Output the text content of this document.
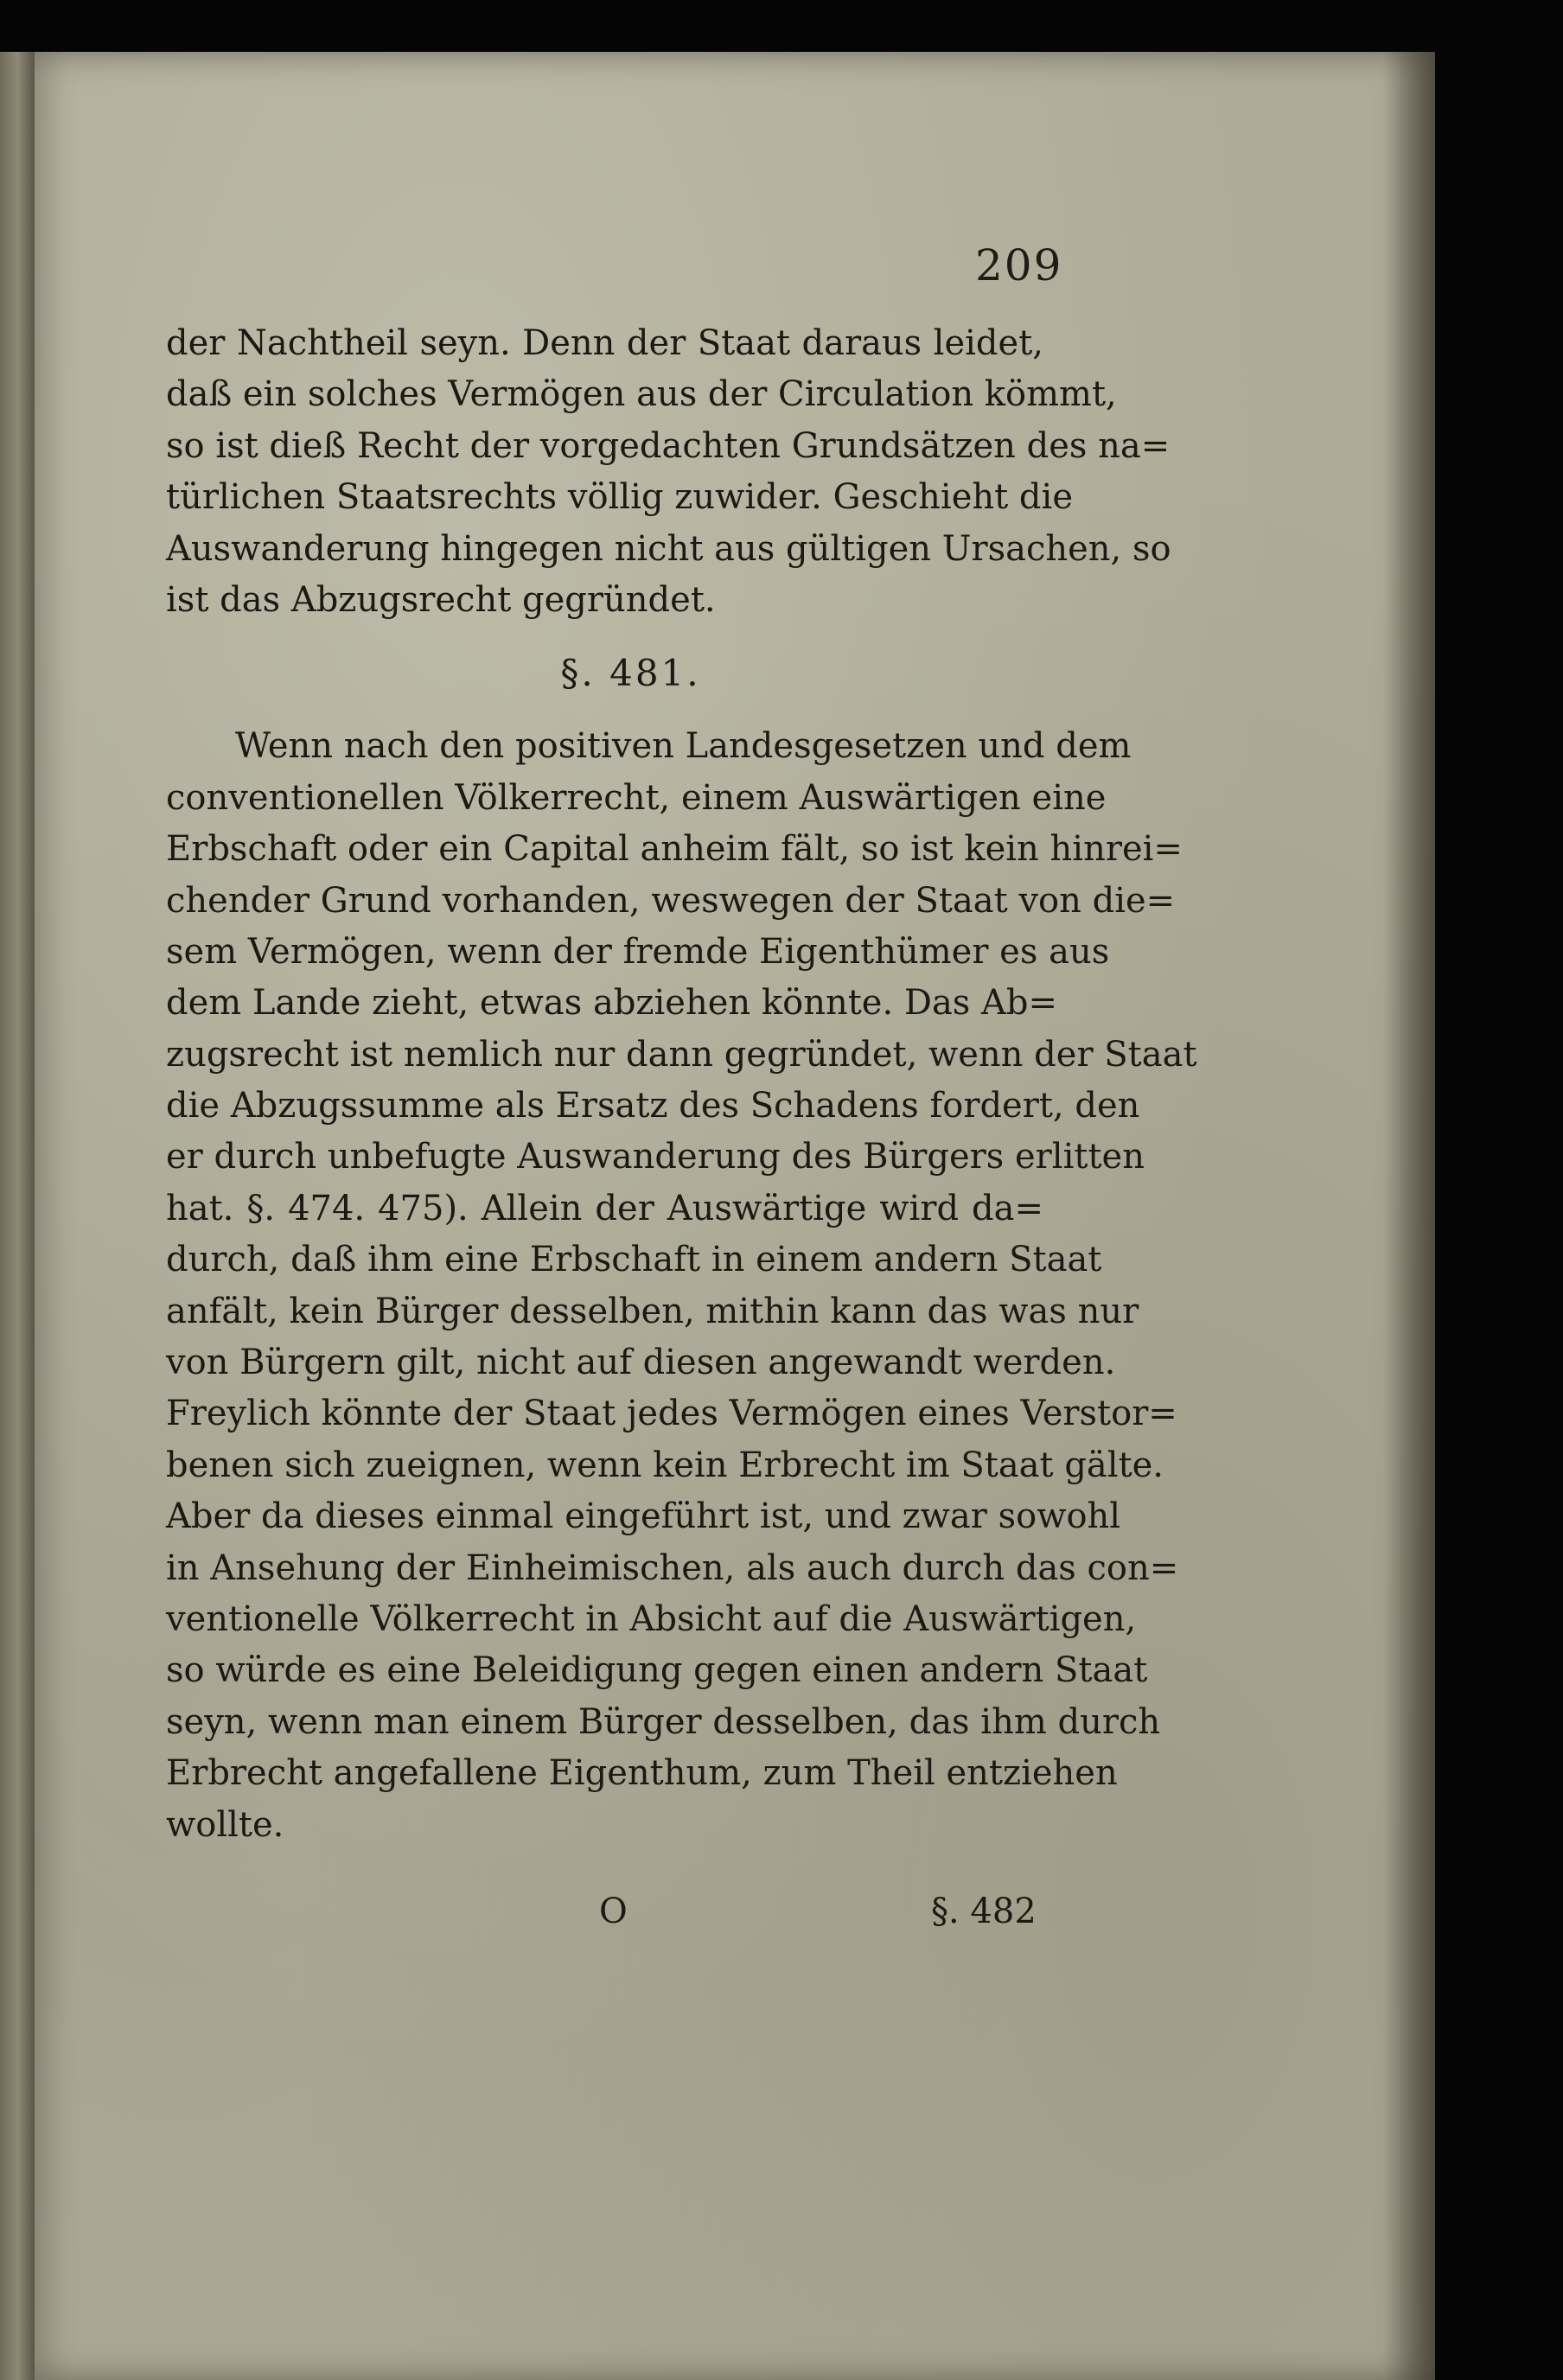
209
der Nachtheil seyn. Denn der Staat daraus leidet,
daß ein solches Vermögen aus der Circulation kömmt,
so ist dieß Recht der vorgedachten Grundsätzen des na=
türlichen Staatsrechts völlig zuwider. Geschieht die
Auswanderung hingegen nicht aus gültigen Ursachen, so
ist das Abzugsrecht gegründet.
§. 481.
Wenn nach den positiven Landesgesetzen und dem
conventionellen Völkerrecht, einem Auswärtigen eine
Erbschaft oder ein Capital anheim fält, so ist kein hinrei=
chender Grund vorhanden, weswegen der Staat von die=
sem Vermögen, wenn der fremde Eigenthümer es aus
dem Lande zieht, etwas abziehen könnte. Das Ab=
zugsrecht ist nemlich nur dann gegründet, wenn der Staat
die Abzugssumme als Ersatz des Schadens fordert, den
er durch unbefugte Auswanderung des Bürgers erlitten
hat. §. 474. 475). Allein der Auswärtige wird da=
durch, daß ihm eine Erbschaft in einem andern Staat
anfält, kein Bürger desselben, mithin kann das was nur
von Bürgern gilt, nicht auf diesen angewandt werden.
Freylich könnte der Staat jedes Vermögen eines Verstor=
benen sich zueignen, wenn kein Erbrecht im Staat gälte.
Aber da dieses einmal eingeführt ist, und zwar sowohl
in Ansehung der Einheimischen, als auch durch das con=
ventionelle Völkerrecht in Absicht auf die Auswärtigen,
so würde es eine Beleidigung gegen einen andern Staat
seyn, wenn man einem Bürger desselben, das ihm durch
Erbrecht angefallene Eigenthum, zum Theil entziehen
wollte.
O	§. 482
